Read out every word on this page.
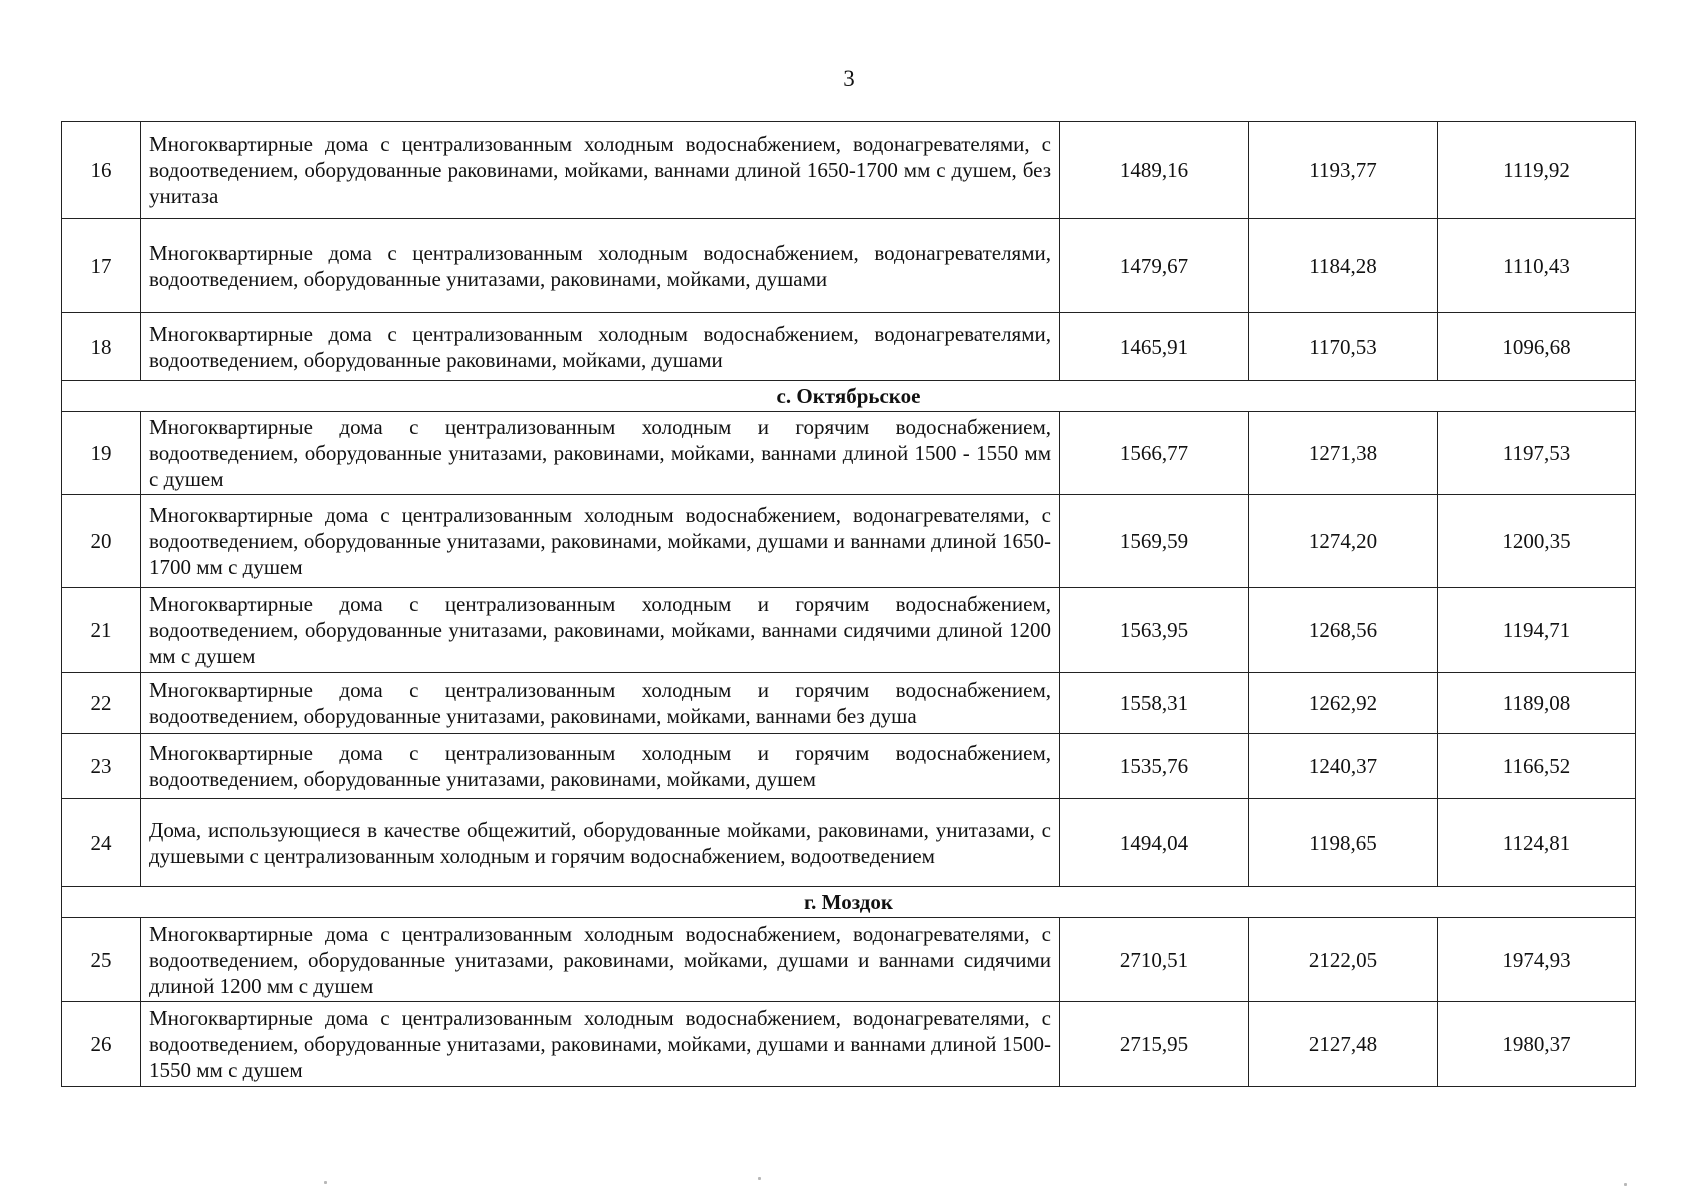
3
16	Многоквартирные дома с централизованным холодным водоснабжением, водонагревателями, с водоотведением, оборудованные раковинами, мойками, ваннами длиной 1650-1700 мм с душем, без унитаза	1489,16	1193,77	1119,92
17	Многоквартирные дома с централизованным холодным водоснабжением, водонагревателями, водоотведением, оборудованные унитазами, раковинами, мойками, душами	1479,67	1184,28	1110,43
18	Многоквартирные дома с централизованным холодным водоснабжением, водонагревателями, водоотведением, оборудованные раковинами, мойками, душами	1465,91	1170,53	1096,68
с. Октябрьское				
19	Многоквартирные дома с централизованным холодным и горячим водоснабжением, водоотведением, оборудованные унитазами, раковинами, мойками, ваннами длиной 1500 - 1550 мм с душем	1566,77	1271,38	1197,53
20	Многоквартирные дома с централизованным холодным водоснабжением, водонагревателями, с водоотведением, оборудованные унитазами, раковинами, мойками, душами и ваннами длиной 1650-1700 мм с душем	1569,59	1274,20	1200,35
21	Многоквартирные дома с централизованным холодным и горячим водоснабжением, водоотведением, оборудованные унитазами, раковинами, мойками, ваннами сидячими длиной 1200 мм с душем	1563,95	1268,56	1194,71
22	Многоквартирные дома с централизованным холодным и горячим водоснабжением, водоотведением, оборудованные унитазами, раковинами, мойками, ваннами без душа	1558,31	1262,92	1189,08
23	Многоквартирные дома с централизованным холодным и горячим водоснабжением, водоотведением, оборудованные унитазами, раковинами, мойками, душем	1535,76	1240,37	1166,52
24	Дома, использующиеся в качестве общежитий, оборудованные мойками, раковинами, унитазами, с душевыми с централизованным холодным и горячим водоснабжением, водоотведением	1494,04	1198,65	1124,81
г. Моздок				
25	Многоквартирные дома с централизованным холодным водоснабжением, водонагревателями, с водоотведением, оборудованные унитазами, раковинами, мойками, душами и ваннами сидячими длиной 1200 мм с душем	2710,51	2122,05	1974,93
26	Многоквартирные дома с централизованным холодным водоснабжением, водонагревателями, с водоотведением, оборудованные унитазами, раковинами, мойками, душами и ваннами длиной 1500-1550 мм с душем	2715,95	2127,48	1980,37
